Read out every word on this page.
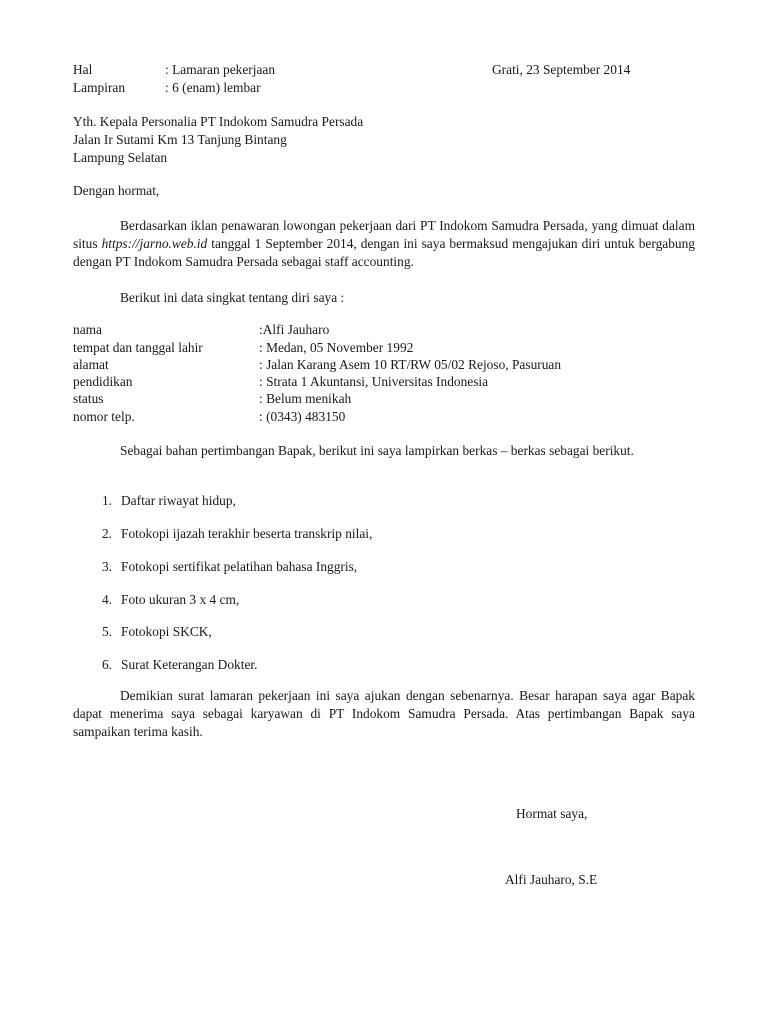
Hal	: Lamaran pekerjaan	Grati, 23 September 2014
Lampiran	: 6 (enam) lembar
Yth. Kepala Personalia PT Indokom Samudra Persada
Jalan Ir Sutami Km 13 Tanjung Bintang
Lampung Selatan
Dengan hormat,
Berdasarkan iklan penawaran lowongan pekerjaan dari PT Indokom Samudra Persada, yang dimuat dalam situs https://jarno.web.id tanggal 1 September 2014, dengan ini saya bermaksud mengajukan diri untuk bergabung dengan PT Indokom Samudra Persada sebagai staff accounting.
Berikut ini data singkat tentang diri saya :
nama	:Alfi Jauharo
tempat dan tanggal lahir	: Medan, 05 November 1992
alamat	: Jalan Karang Asem 10 RT/RW 05/02 Rejoso, Pasuruan
pendidikan	: Strata 1 Akuntansi, Universitas Indonesia
status	: Belum menikah
nomor telp.	: (0343) 483150
Sebagai bahan pertimbangan Bapak, berikut ini saya lampirkan berkas – berkas sebagai berikut.
1. Daftar riwayat hidup,
2. Fotokopi ijazah terakhir beserta transkrip nilai,
3. Fotokopi sertifikat pelatihan bahasa Inggris,
4. Foto ukuran 3 x 4 cm,
5. Fotokopi SKCK,
6. Surat Keterangan Dokter.
Demikian surat lamaran pekerjaan ini saya ajukan dengan sebenarnya. Besar harapan saya agar Bapak dapat menerima saya sebagai karyawan di PT Indokom Samudra Persada. Atas pertimbangan Bapak saya sampaikan terima kasih.
Hormat saya,
Alfi Jauharo, S.E
